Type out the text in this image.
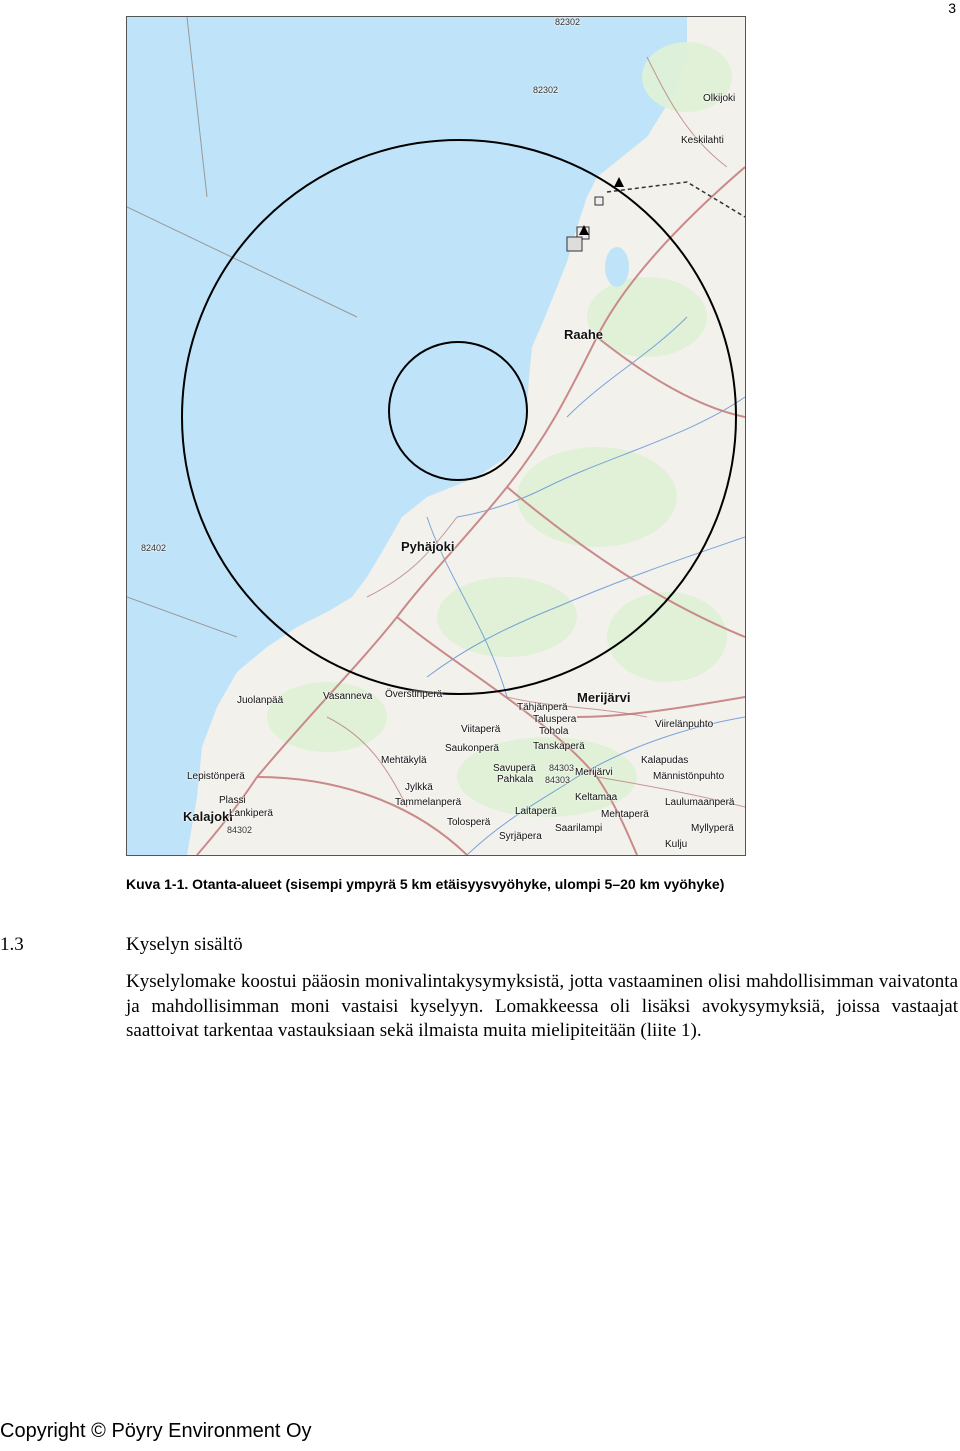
3
82302
82302
82402
Olkijoki
Keskilahti
Raahe
Pyhäjoki
Merijärvi
Kalajoki
Juolanpää	Vasanneva Överstinperä
Tähjänperä
Taluspera
Viitaperä	Tohola
Viirelänpuhto
Saukonperä	Tanskaperä
Mehtäkylä	Kalapudas
Savuperä 84303 Merijärvi	Männistönpuhto
Pahkala 84303
Lepistönperä
Jylkkä
Keltamaa	Laulumaanperä
Tammelanperä
Plassi
Laitaperä	Mehtaperä
Lankiperä
Tolosperä
Myllyperä
84302	Saarilampi
Syrjäpera
Kulju
Kuva 1-1. Otanta-alueet (sisempi ympyrä 5 km etäisyysvyöhyke, ulompi 5–20 km vyöhyke)
1.3	Kyselyn sisältö
Kyselylomake koostui pääosin monivalintakysymyksistä, jotta vastaaminen olisi mahdollisimman vaivatonta ja mahdollisimman moni vastaisi kyselyyn. Lomakkeessa oli lisäksi avokysymyksiä, joissa vastaajat saattoivat tarkentaa vastauksiaan sekä ilmaista muita mielipiteitään (liite 1).
Copyright © Pöyry Environment Oy
